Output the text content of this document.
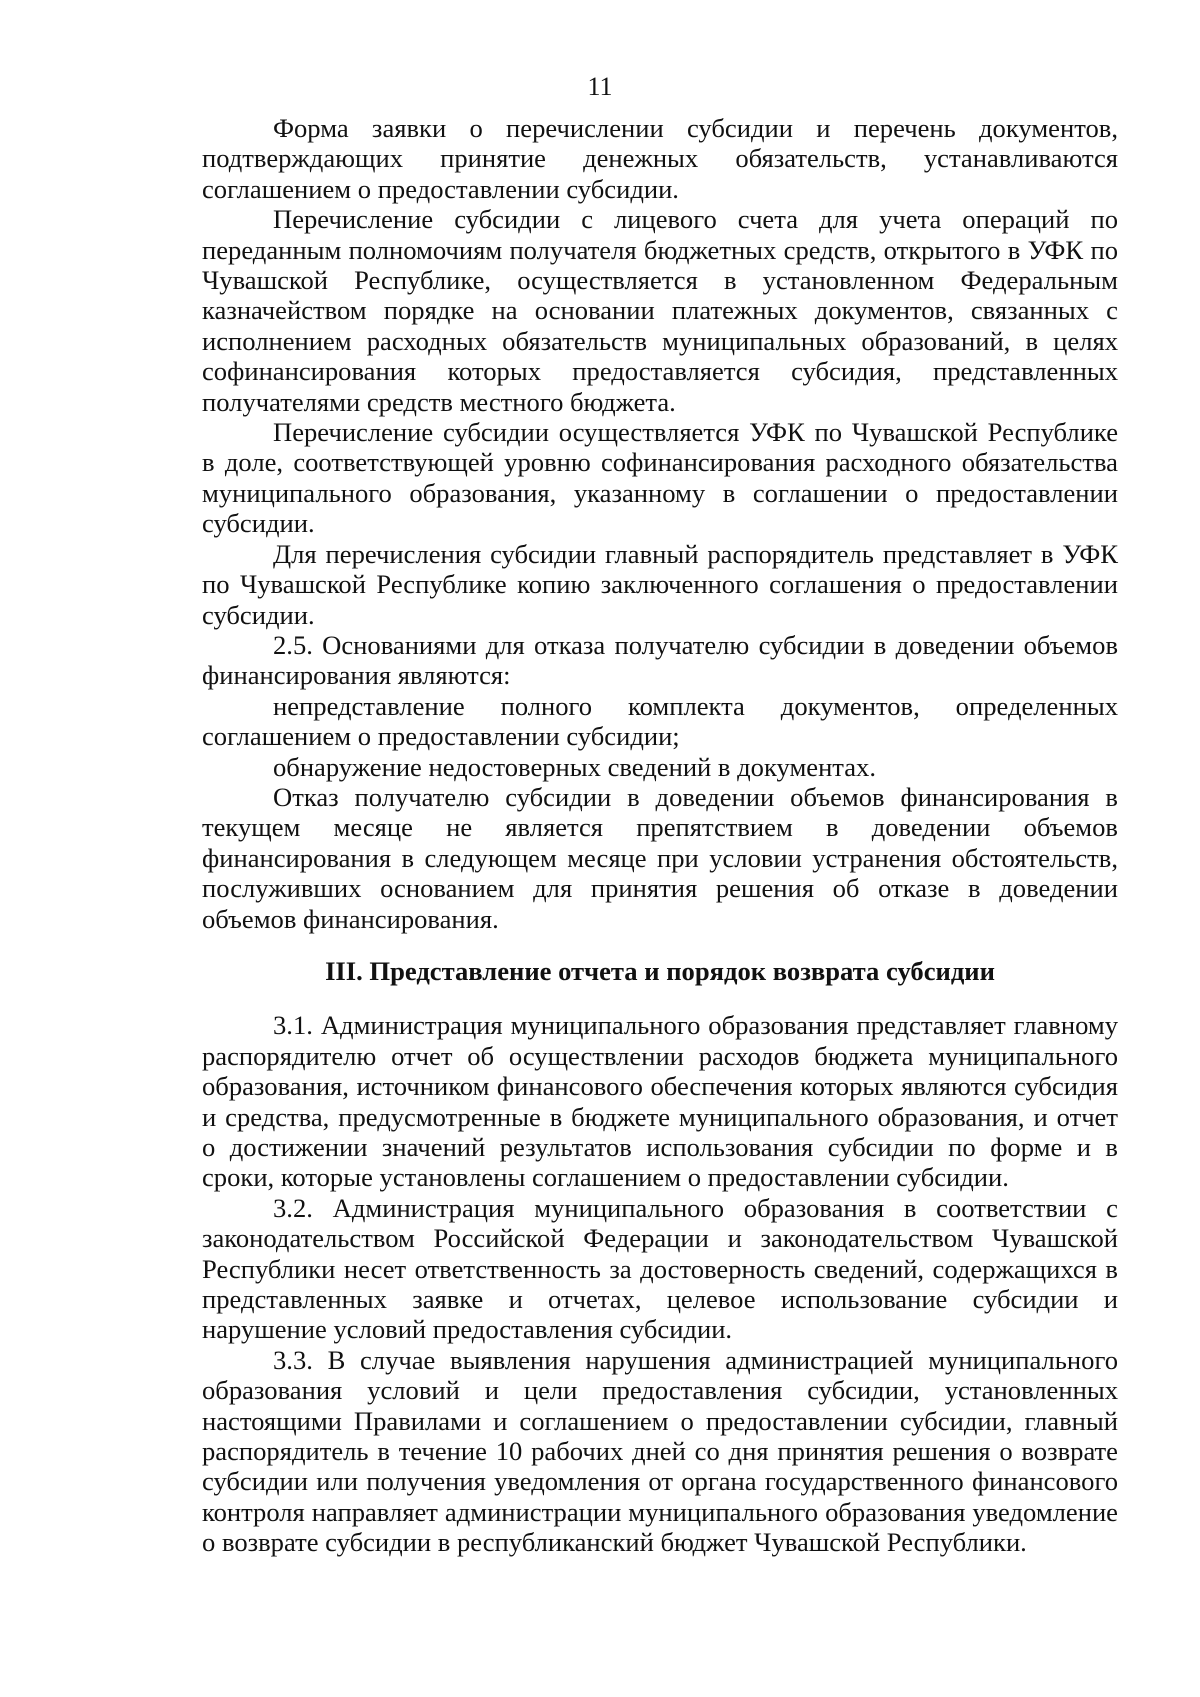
11

Форма заявки о перечислении субсидии и перечень документов, подтверждающих принятие денежных обязательств, устанавливаются соглашением о предоставлении субсидии.

Перечисление субсидии с лицевого счета для учета операций по переданным полномочиям получателя бюджетных средств, открытого в УФК по Чувашской Республике, осуществляется в установленном Федеральным казначейством порядке на основании платежных документов, связанных с исполнением расходных обязательств муниципальных образований, в целях софинансирования которых предоставляется субсидия, представленных получателями средств местного бюджета.

Перечисление субсидии осуществляется УФК по Чувашской Республике в доле, соответствующей уровню софинансирования расходного обязательства муниципального образования, указанному в соглашении о предоставлении субсидии.

Для перечисления субсидии главный распорядитель представляет в УФК по Чувашской Республике копию заключенного соглашения о предоставлении субсидии.

2.5. Основаниями для отказа получателю субсидии в доведении объемов финансирования являются:

непредставление полного комплекта документов, определенных соглашением о предоставлении субсидии;

обнаружение недостоверных сведений в документах.

Отказ получателю субсидии в доведении объемов финансирования в текущем месяце не является препятствием в доведении объемов финансирования в следующем месяце при условии устранения обстоятельств, послуживших основанием для принятия решения об отказе в доведении объемов финансирования.

III. Представление отчета и порядок возврата субсидии

3.1. Администрация муниципального образования представляет главному распорядителю отчет об осуществлении расходов бюджета муниципального образования, источником финансового обеспечения которых являются субсидия и средства, предусмотренные в бюджете муниципального образования, и отчет о достижении значений результатов использования субсидии по форме и в сроки, которые установлены соглашением о предоставлении субсидии.

3.2. Администрация муниципального образования в соответствии с законодательством Российской Федерации и законодательством Чувашской Республики несет ответственность за достоверность сведений, содержащихся в представленных заявке и отчетах, целевое использование субсидии и нарушение условий предоставления субсидии.

3.3. В случае выявления нарушения администрацией муниципального образования условий и цели предоставления субсидии, установленных настоящими Правилами и соглашением о предоставлении субсидии, главный распорядитель в течение 10 рабочих дней со дня принятия решения о возврате субсидии или получения уведомления от органа государственного финансового контроля направляет администрации муниципального образования уведомление о возврате субсидии в республиканский бюджет Чувашской Республики.
